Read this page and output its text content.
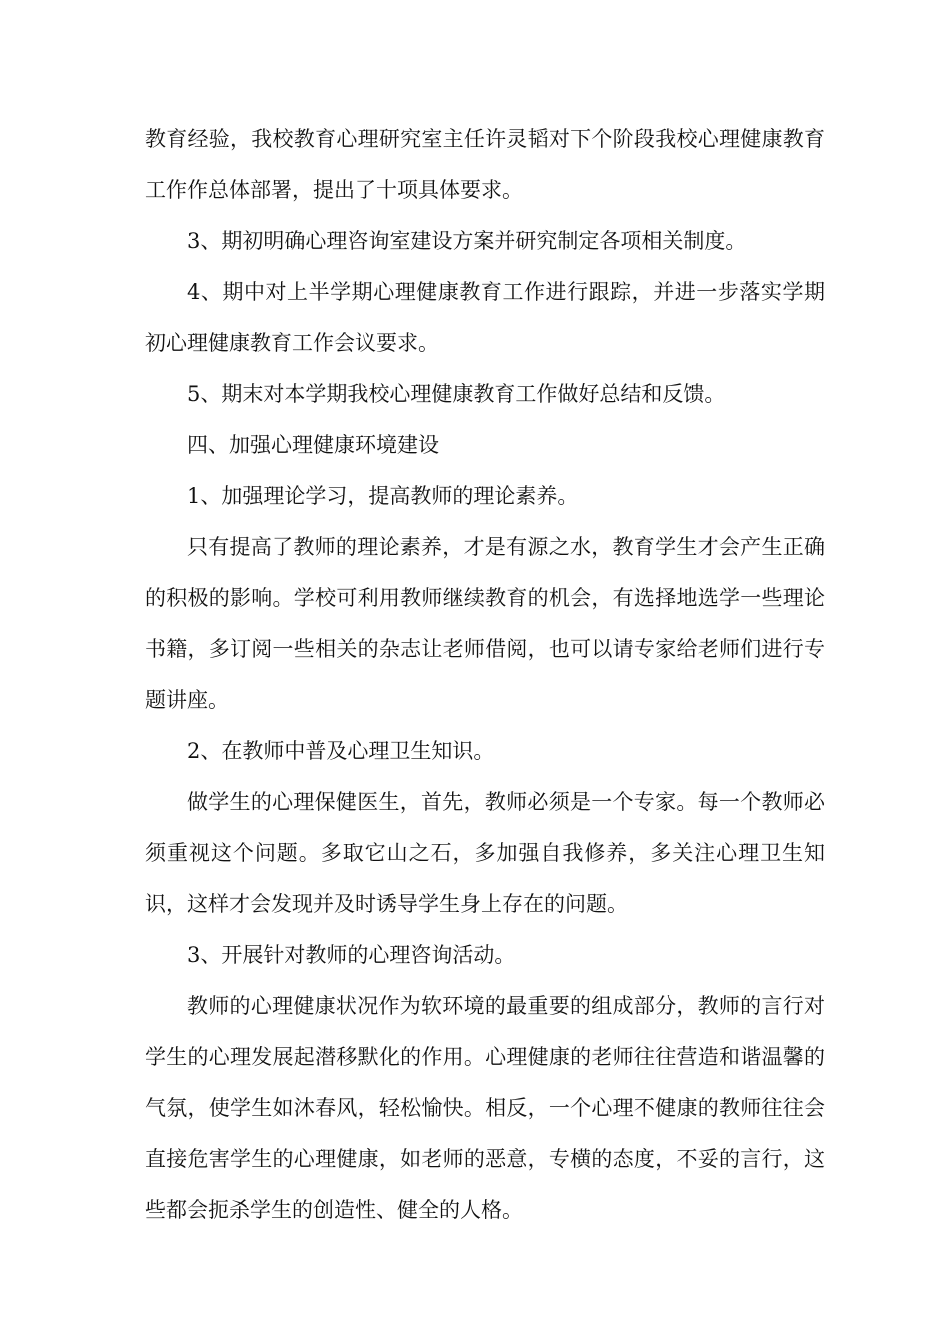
教育经验，我校教育心理研究室主任许灵韬对下个阶段我校心理健康教育工作作总体部署，提出了十项具体要求。

3、期初明确心理咨询室建设方案并研究制定各项相关制度。

4、期中对上半学期心理健康教育工作进行跟踪，并进一步落实学期初心理健康教育工作会议要求。

5、期末对本学期我校心理健康教育工作做好总结和反馈。

四、加强心理健康环境建设

1、加强理论学习，提高教师的理论素养。

只有提高了教师的理论素养，才是有源之水，教育学生才会产生正确的积极的影响。学校可利用教师继续教育的机会，有选择地选学一些理论书籍，多订阅一些相关的杂志让老师借阅，也可以请专家给老师们进行专题讲座。

2、在教师中普及心理卫生知识。

做学生的心理保健医生，首先，教师必须是一个专家。每一个教师必须重视这个问题。多取它山之石，多加强自我修养，多关注心理卫生知识，这样才会发现并及时诱导学生身上存在的问题。

3、开展针对教师的心理咨询活动。

教师的心理健康状况作为软环境的最重要的组成部分，教师的言行对学生的心理发展起潜移默化的作用。心理健康的老师往往营造和谐温馨的气氛，使学生如沐春风，轻松愉快。相反，一个心理不健康的教师往往会直接危害学生的心理健康，如老师的恶意，专横的态度，不妥的言行，这些都会扼杀学生的创造性、健全的人格。
